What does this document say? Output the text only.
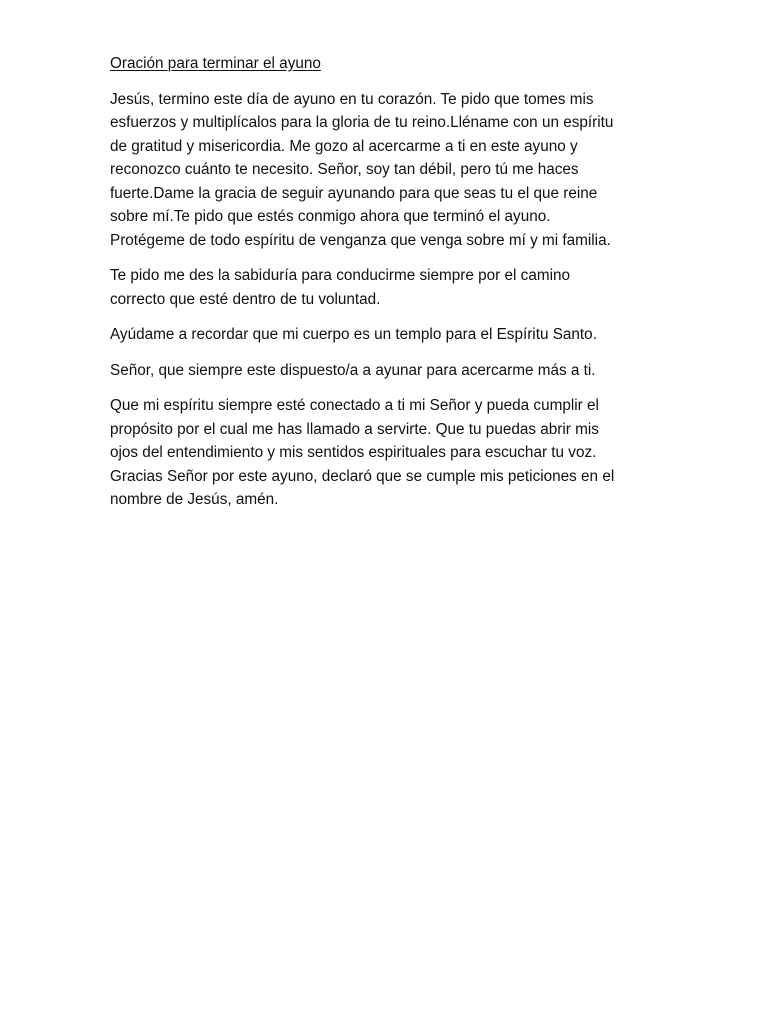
Oración para terminar el ayuno

Jesús, termino este día de ayuno en tu corazón. Te pido que tomes mis
esfuerzos y multiplícalos para la gloria de tu reino.Lléname con un espíritu
de gratitud y misericordia. Me gozo al acercarme a ti en este ayuno y
reconozco cuánto te necesito. Señor, soy tan débil, pero tú me haces
fuerte.Dame la gracia de seguir ayunando para que seas tu el que reine
sobre mí.Te pido que estés conmigo ahora que terminó el ayuno.
Protégeme de todo espíritu de venganza que venga sobre mí y mi familia.

Te pido me des la sabiduría para conducirme siempre por el camino
correcto que esté dentro de tu voluntad.

Ayúdame a recordar que mi cuerpo es un templo para el Espíritu Santo.

Señor, que siempre este dispuesto/a a ayunar para acercarme más a ti.

Que mi espíritu siempre esté conectado a ti mi Señor y pueda cumplir el
propósito por el cual me has llamado a servirte. Que tu puedas abrir mis
ojos del entendimiento y mis sentidos espirituales para escuchar tu voz.
Gracias Señor por este ayuno, declaró que se cumple mis peticiones en el
nombre de Jesús, amén.
